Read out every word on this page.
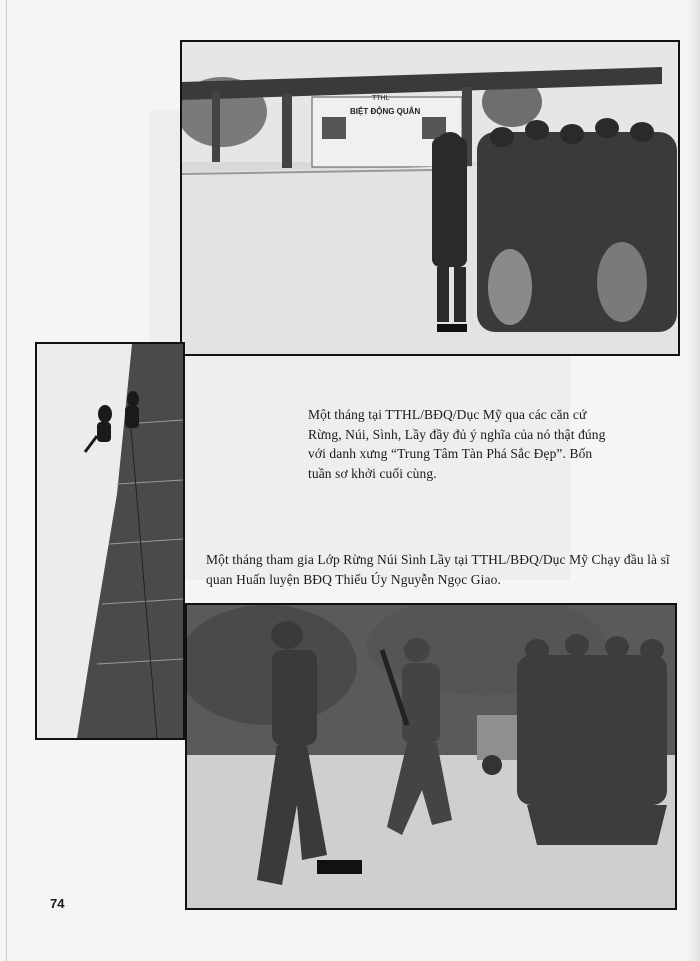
TTHL
BIỆT ĐỘNG QUÂN
Một tháng tại TTHL/BĐQ/Dục Mỹ qua các căn cứ Rừng, Núi, Sình, Lầy đầy đủ ý nghĩa của nó thật đúng với danh xưng “Trung Tâm Tàn Phá Sắc Đẹp”. Bốn tuần sơ khởi cuối cùng.
Một tháng tham gia Lớp Rừng Núi Sình Lầy tại TTHL/BĐQ/Dục Mỹ Chạy đầu là sĩ quan Huấn luyện BĐQ Thiếu Úy Nguyễn Ngọc Giao.
74
